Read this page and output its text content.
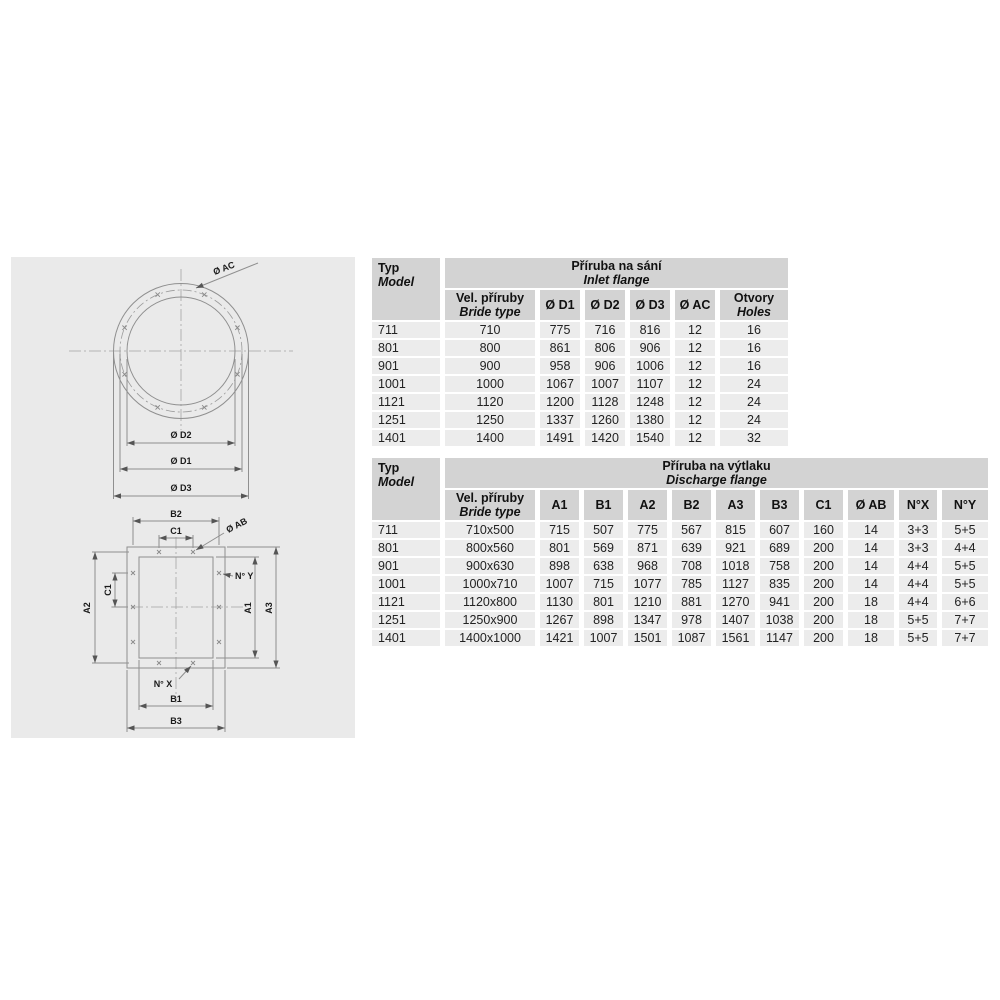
Ø AC
Ø D2
Ø D1
Ø D3
B2
C1	Ø AB
N° Y
A2
C1
A1 A3
N° X
B1
B3
Typ
Model

Příruba na sání
Inlet flange

Vel. příruby
Bride type	Ø D1	Ø D2	Ø D3	Ø AC	Otvory
Holes

711	710	775	716	816	12	16
801	800	861	806	906	12	16
901	900	958	906	1006	12	16
1001	1000	1067	1007	1107	12	24
1121	1120	1200	1128	1248	12	24
1251	1250	1337	1260	1380	12	24
1401	1400	1491	1420	1540	12	32
Typ
Model

Příruba na výtlaku
Discharge flange

	Vel. příruby
Bride type	A1	B1	A2	B2	A3	B3	C1	Ø AB	N°X	N°Y

711	710x500	715	507	775	567	815	607	160	14	3+3	5+5
801	800x560	801	569	871	639	921	689	200	14	3+3	4+4
901	900x630	898	638	968	708	1018	758	200	14	4+4	5+5
1001	1000x710	1007	715	1077	785	1127	835	200	14	4+4	5+5
1121	1120x800	1130	801	1210	881	1270	941	200	18	4+4	6+6
1251	1250x900	1267	898	1347	978	1407	1038	200	18	5+5	7+7
1401	1400x1000	1421	1007	1501	1087	1561	1147	200	18	5+5	7+7
